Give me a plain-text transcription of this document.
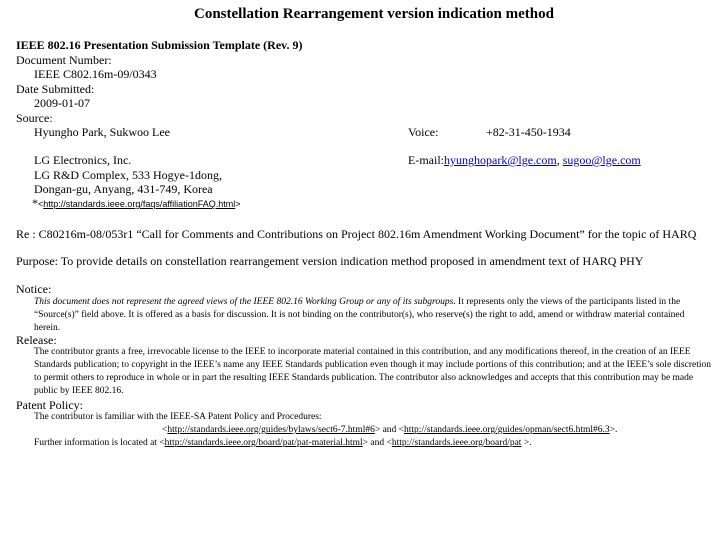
Constellation Rearrangement version indication method
IEEE 802.16 Presentation Submission Template (Rev. 9)
Document Number:
IEEE C802.16m-09/0343
Date Submitted:
2009-01-07
Source:
Hyungho Park, Sukwoo Lee	Voice:	+82-31-450-1934
LG Electronics, Inc.
LG R&D Complex, 533 Hogye-1dong,
Dongan-gu, Anyang, 431-749, Korea
E-mail:hyunghopark@lge.com, sugoo@lge.com
*<http://standards.ieee.org/faqs/affiliationFAQ.html>
Re : C80216m-08/053r1 “Call for Comments and Contributions on Project 802.16m Amendment Working Document” for the topic of HARQ
Purpose: To provide details on constellation rearrangement version indication method proposed in amendment text of HARQ PHY
Notice:
This document does not represent the agreed views of the IEEE 802.16 Working Group or any of its subgroups. It represents only the views of the participants listed in the “Source(s)” field above. It is offered as a basis for discussion. It is not binding on the contributor(s), who reserve(s) the right to add, amend or withdraw material contained herein.
Release:
The contributor grants a free, irrevocable license to the IEEE to incorporate material contained in this contribution, and any modifications thereof, in the creation of an IEEE Standards publication; to copyright in the IEEE’s name any IEEE Standards publication even though it may include portions of this contribution; and at the IEEE’s sole discretion to permit others to reproduce in whole or in part the resulting IEEE Standards publication. The contributor also acknowledges and accepts that this contribution may be made public by IEEE 802.16.
Patent Policy:
The contributor is familiar with the IEEE-SA Patent Policy and Procedures:
<http://standards.ieee.org/guides/bylaws/sect6-7.html#6> and <http://standards.ieee.org/guides/opman/sect6.html#6.3>.
Further information is located at <http://standards.ieee.org/board/pat/pat-material.html> and <http://standards.ieee.org/board/pat >.
